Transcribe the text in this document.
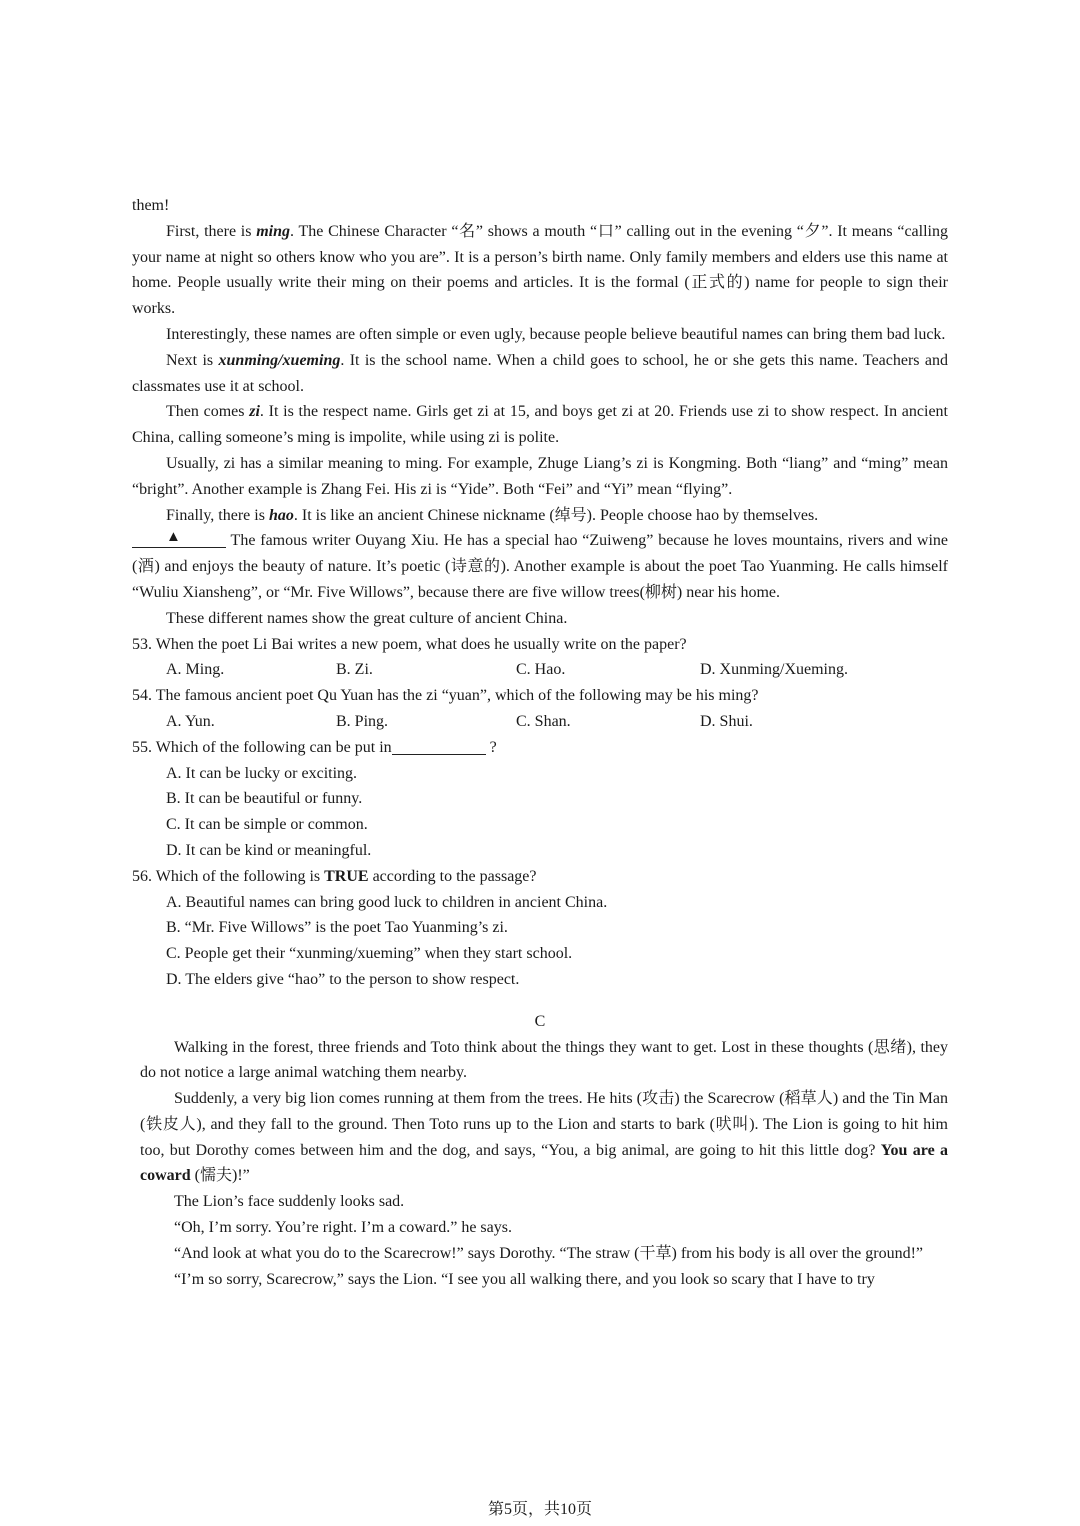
them!

First, there is ming. The Chinese Character “名” shows a mouth “口” calling out in the evening “夕”. It means “calling your name at night so others know who you are”. It is a person’s birth name. Only family members and elders use this name at home. People usually write their ming on their poems and articles. It is the formal (正式的) name for people to sign their works.

Interestingly, these names are often simple or even ugly, because people believe beautiful names can bring them bad luck.

Next is xunming/xueming. It is the school name. When a child goes to school, he or she gets this name. Teachers and classmates use it at school.

Then comes zi. It is the respect name. Girls get zi at 15, and boys get zi at 20. Friends use zi to show respect. In ancient China, calling someone’s ming is impolite, while using zi is polite.

Usually, zi has a similar meaning to ming. For example, Zhuge Liang’s zi is Kongming. Both “liang” and “ming” mean “bright”. Another example is Zhang Fei. His zi is “Yide”. Both “Fei” and “Yi” mean “flying”.

Finally, there is hao. It is like an ancient Chinese nickname (绰号). People choose hao by themselves.

▲	The famous writer Ouyang Xiu. He has a special hao “Zuiweng” because he loves mountains, rivers and wine (酒) and enjoys the beauty of nature. It’s poetic (诗意的). Another example is about the poet Tao Yuanming. He calls himself “Wuliu Xiansheng”, or “Mr. Five Willows”, because there are five willow trees(柳树) near his home.

These different names show the great culture of ancient China.

53. When the poet Li Bai writes a new poem, what does he usually write on the paper?

A. Ming.	B. Zi.	C. Hao.	D. Xunming/Xueming.

54. The famous ancient poet Qu Yuan has the zi “yuan”, which of the following may be his ming?

A. Yun.	B. Ping.	C. Shan.	D. Shui.

55. Which of the following can be put in	?

A. It can be lucky or exciting.
B. It can be beautiful or funny.
C. It can be simple or common.
D. It can be kind or meaningful.

56. Which of the following is TRUE according to the passage?

A. Beautiful names can bring good luck to children in ancient China.
B. “Mr. Five Willows” is the poet Tao Yuanming’s zi.
C. People get their “xunming/xueming” when they start school.
D. The elders give “hao” to the person to show respect.
C

Walking in the forest, three friends and Toto think about the things they want to get. Lost in these thoughts (思绪), they do not notice a large animal watching them nearby.

Suddenly, a very big lion comes running at them from the trees. He hits (攻击) the Scarecrow (稻草人) and the Tin Man (铁皮人), and they fall to the ground. Then Toto runs up to the Lion and starts to bark (吠叫). The Lion is going to hit him too, but Dorothy comes between him and the dog, and says, “You, a big animal, are going to hit this little dog? You are a coward (懦夫)!”

The Lion’s face suddenly looks sad.

“Oh, I’m sorry. You’re right. I’m a coward.” he says.

“And look at what you do to the Scarecrow!” says Dorothy. “The straw (干草) from his body is all over the ground!”

“I’m so sorry, Scarecrow,” says the Lion. “I see you all walking there, and you look so scary that I have to try

第5页，共10页
